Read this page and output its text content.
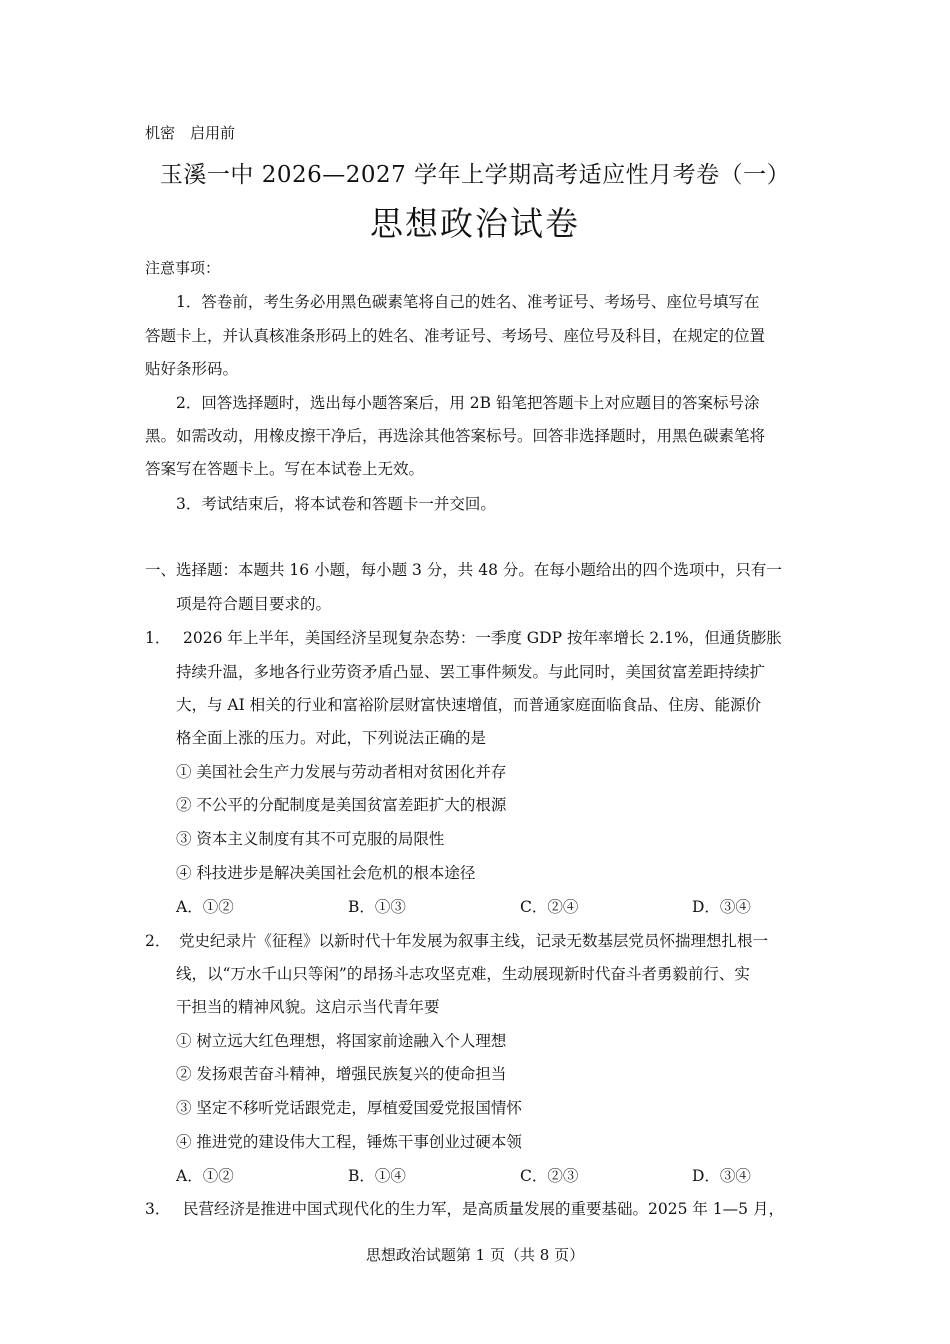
机密　启用前
玉溪一中 2026—2027 学年上学期高考适应性月考卷（一）
思想政治试卷
注意事项：
1．答卷前，考生务必用黑色碳素笔将自己的姓名、准考证号、考场号、座位号填写在
答题卡上，并认真核准条形码上的姓名、准考证号、考场号、座位号及科目，在规定的位置
贴好条形码。
2．回答选择题时，选出每小题答案后，用 2B 铅笔把答题卡上对应题目的答案标号涂
黑。如需改动，用橡皮擦干净后，再选涂其他答案标号。回答非选择题时，用黑色碳素笔将
答案写在答题卡上。写在本试卷上无效。
3．考试结束后，将本试卷和答题卡一并交回。
一、选择题：本题共 16 小题，每小题 3 分，共 48 分。在每小题给出的四个选项中，只有一
项是符合题目要求的。
1． 2026 年上半年，美国经济呈现复杂态势：一季度 GDP 按年率增长 2.1%，但通货膨胀
持续升温，多地各行业劳资矛盾凸显、罢工事件频发。与此同时，美国贫富差距持续扩
大，与 AI 相关的行业和富裕阶层财富快速增值，而普通家庭面临食品、住房、能源价
格全面上涨的压力。对此，下列说法正确的是
① 美国社会生产力发展与劳动者相对贫困化并存
② 不公平的分配制度是美国贫富差距扩大的根源
③ 资本主义制度有其不可克服的局限性
④ 科技进步是解决美国社会危机的根本途径
A．①②	B．①③	C．②④	D．③④
2． 党史纪录片《征程》以新时代十年发展为叙事主线，记录无数基层党员怀揣理想扎根一
线，以“万水千山只等闲”的昂扬斗志攻坚克难，生动展现新时代奋斗者勇毅前行、实
干担当的精神风貌。这启示当代青年要
① 树立远大红色理想，将国家前途融入个人理想
② 发扬艰苦奋斗精神，增强民族复兴的使命担当
③ 坚定不移听党话跟党走，厚植爱国爱党报国情怀
④ 推进党的建设伟大工程，锤炼干事创业过硬本领
A．①②	B．①④	C．②③	D．③④
3． 民营经济是推进中国式现代化的生力军，是高质量发展的重要基础。2025 年 1—5 月，
思想政治试题第 1 页（共 8 页）
